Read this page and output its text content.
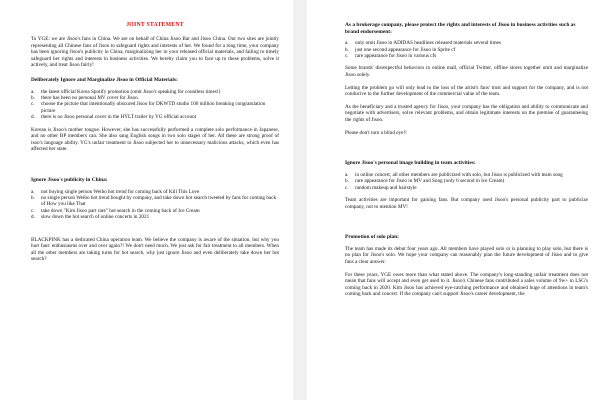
JOINT STATEMENT

To YGE: we are Jisoo's fans in China. We are on behalf of China Jisoo Bar and Jisoo China. Our two sites are jointly representing all Chinese fans of Jisoo to safeguard rights and interests of her. We found for a long time, your company has been ignoring Jisoo's publicity in China, marginalizing her in your released official materials, and failing to timely safeguard her rights and interests in business activities. We hereby claim you to face up to these problems, solve it actively, and treat Jisoo fairly!

Deliberately Ignore and Marginalize Jisoo in Official Materials:
a.	the latest official Korea Spotify promotion (omit Jisoo's speaking for countless times!)
b.	there has been no personal MV cover for Jisoo.
c.	choose the picture that intentionally obscured Jisoo for DKWTD studio 100 million breaking congratulation picture
d.	there is no Jisoo personal cover in the HYLT trailer by YG official account

Korean is Jisoo's mother tongue. However, she has successfully performed a complete solo performance in Japanese, and no other BP members can. She also sang English songs in two solo stages of her. All these are strong proof of isoo's language ability. YG's unfair treatment to Jisoo subjected her to unnecessary malicious attacks, which even has affected her state.

Ignore Jisoo's publicity in China:
a.	not buying single person Weibo hot trend for coming back of Kill This Love
b.	no single person Weibo hot trend bought by company, and take down hot search tweeted by fans for coming back of How you like That
c.	take down "Kim Jisoo part rare" hot search in the coming back of Ice Cream
d.	slow down the hot search of online concerts in 2021

BLACKPINK has a dedicated China operation team. We believe the company is aware of the situation, but why you hurt fans' enthusiasms over and over again?! We don't need much. We just ask for fair treatment to all members. When all the other members are taking turns for hot search, why just ignore Jisoo and even deliberately take down her hot search?

As a brokerage company, please protect the rights and interests of Jisoo in business activities such as brand endorsement:
a.	only omit Jisoo in ADIDAS headlines released materials several times
b.	just one second appearance for Jisoo in Sprite cf
c.	rare appearance for Jisoo in various cfs

Some brands' disrespectful behaviors in online mall, official Twitter, offline stores together omit and marginalize Jisoo solely.

Letting the problem go will only lead to the loss of the artist's fans' trust and support for the company, and is not conducive to the further development of the commercial value of the team.

As the beneficiary and a trusted agency for Jisoo, your company has the obligation and ability to communicate and negotiate with advertisers, solve relevant problems, and obtain legitimate interests on the premise of guaranteeing the rights of Jisoo.

Please don't turn a blind eye!!

Ignore Jisoo's personal image building in team activities:
a.	in online concert, all other members are publicized with solo, but Jisoo is publicized with team song
b.	rare appearance for Jisoo in MV and Song (only 6 second in Ice Cream)
c.	random makeup and hairstyle

Team activities are important for gaining fans. But company used Jisoo's personal publicity part to publicize company, not to mention MV!

Promotion of solo plan:

The team has made its debut four years ago. All members have played solo or is planning to play solo, but there is no plan for Jisoo's solo. We hope your company can reasonably plan the future development of Jisoo and to give fans a clear answer.

For these years, YGE owes more than what stated above. The company's long-standing unfair treatment does not mean that fans will accept and even get used to it. Jisoo's Chinese fans contributed a sales volume of 9w+ in LSG's coming back in 2020. Kim Jisoo has achieved eye-catching performance and obtained huge of attentions in team's coming back and concert. If the company can't support Jisoo's career development, the
